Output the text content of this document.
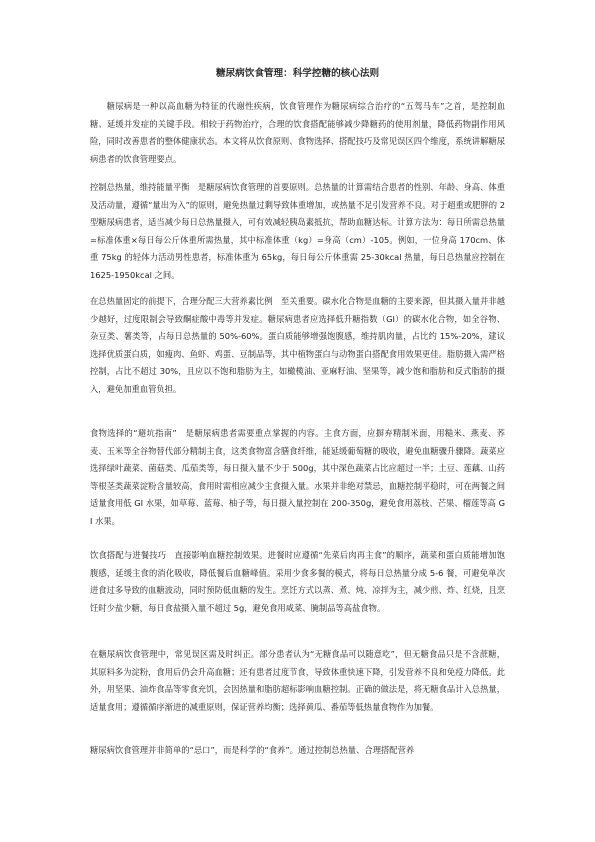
糖尿病饮食管理：科学控糖的核心法则

糖尿病是一种以高血糖为特征的代谢性疾病，饮食管理作为糖尿病综合治疗的“五驾马车”之首，是控制血糖、延缓并发症的关键手段。相较于药物治疗，合理的饮食搭配能够减少降糖药的使用剂量，降低药物副作用风险，同时改善患者的整体健康状态。本文将从饮食原则、食物选择、搭配技巧及常见误区四个维度，系统讲解糖尿病患者的饮食管理要点。

控制总热量，维持能量平衡　是糖尿病饮食管理的首要原则。总热量的计算需结合患者的性别、年龄、身高、体重及活动量，遵循“量出为入”的原则，避免热量过剩导致体重增加，或热量不足引发营养不良。对于超重或肥胖的 2 型糖尿病患者，适当减少每日总热量摄入，可有效减轻胰岛素抵抗，帮助血糖达标。计算方法为：每日所需总热量=标准体重×每日每公斤体重所需热量，其中标准体重（kg）=身高（cm）-105。例如，一位身高 170cm、体重 75kg 的轻体力活动男性患者，标准体重为 65kg，每日每公斤体重需 25-30kcal 热量，每日总热量应控制在 1625-1950kcal 之间。

在总热量固定的前提下，合理分配三大营养素比例　至关重要。碳水化合物是血糖的主要来源，但其摄入量并非越少越好，过度限制会导致酮症酸中毒等并发症。糖尿病患者应选择低升糖指数（GI）的碳水化合物，如全谷物、杂豆类、薯类等，占每日总热量的 50%-60%。蛋白质能够增强饱腹感，维持肌肉量，占比约 15%-20%，建议选择优质蛋白质，如瘦肉、鱼虾、鸡蛋、豆制品等，其中植物蛋白与动物蛋白搭配食用效果更佳。脂肪摄入需严格控制，占比不超过 30%，且应以不饱和脂肪为主，如橄榄油、亚麻籽油、坚果等，减少饱和脂肪和反式脂肪的摄入，避免加重血管负担。

食物选择的“避坑指南”　是糖尿病患者需要重点掌握的内容。主食方面，应摒弃精制米面，用糙米、燕麦、荞麦、玉米等全谷物替代部分精制主食，这类食物富含膳食纤维，能延缓葡萄糖的吸收，避免血糖骤升骤降。蔬菜应选择绿叶蔬菜、菌菇类、瓜茄类等，每日摄入量不少于 500g，其中深色蔬菜占比应超过一半；土豆、莲藕、山药等根茎类蔬菜淀粉含量较高，食用时需相应减少主食摄入量。水果并非绝对禁忌，血糖控制平稳时，可在两餐之间适量食用低 GI 水果，如草莓、蓝莓、柚子等，每日摄入量控制在 200-350g，避免食用荔枝、芒果、榴莲等高 GI 水果。

饮食搭配与进餐技巧　直接影响血糖控制效果。进餐时应遵循“先菜后肉再主食”的顺序，蔬菜和蛋白质能增加饱腹感，延缓主食的消化吸收，降低餐后血糖峰值。采用少食多餐的模式，将每日总热量分成 5-6 餐，可避免单次进食过多导致的血糖波动，同时预防低血糖的发生。烹饪方式以蒸、煮、炖、凉拌为主，减少煎、炸、红烧，且烹饪时少盐少糖，每日食盐摄入量不超过 5g，避免食用咸菜、腌制品等高盐食物。

在糖尿病饮食管理中，常见误区需及时纠正。部分患者认为“无糖食品可以随意吃”，但无糖食品只是不含蔗糖，其原料多为淀粉，食用后仍会升高血糖；还有患者过度节食，导致体重快速下降，引发营养不良和免疫力降低。此外，用坚果、油炸食品等零食充饥，会因热量和脂肪超标影响血糖控制。正确的做法是，将无糖食品计入总热量，适量食用；遵循循序渐进的减重原则，保证营养均衡；选择黄瓜、番茄等低热量食物作为加餐。

糖尿病饮食管理并非简单的“忌口”，而是科学的“食养”。通过控制总热量、合理搭配营养
